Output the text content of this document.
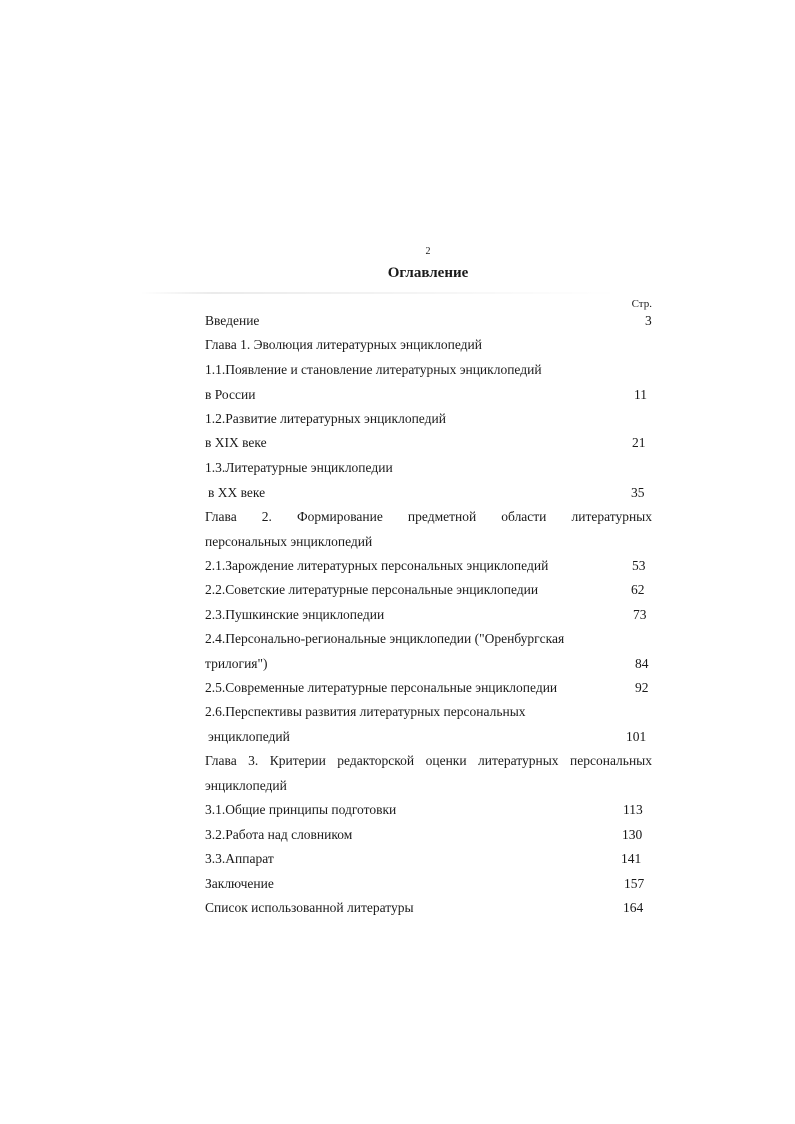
2
Оглавление
Стр.
Введение	3
Глава 1. Эволюция литературных энциклопедий
1.1.Появление и становление литературных энциклопедий
в России	11
1.2.Развитие литературных энциклопедий
в XIX веке	21
1.3.Литературные энциклопедии
в XX веке	35
Глава 2. Формирование предметной области литературных
персональных энциклопедий
2.1.Зарождение литературных персональных энциклопедий	53
2.2.Советские литературные персональные энциклопедии	62
2.3.Пушкинские энциклопедии	73
2.4.Персонально-региональные энциклопедии ("Оренбургская
трилогия")	84
2.5.Современные литературные персональные энциклопедии	92
2.6.Перспективы развития литературных персональных
энциклопедий	101
Глава 3. Критерии редакторской оценки литературных персональных
энциклопедий
3.1.Общие принципы подготовки	113
3.2.Работа над словником	130
3.3.Аппарат	141
Заключение	157
Список использованной литературы	164
